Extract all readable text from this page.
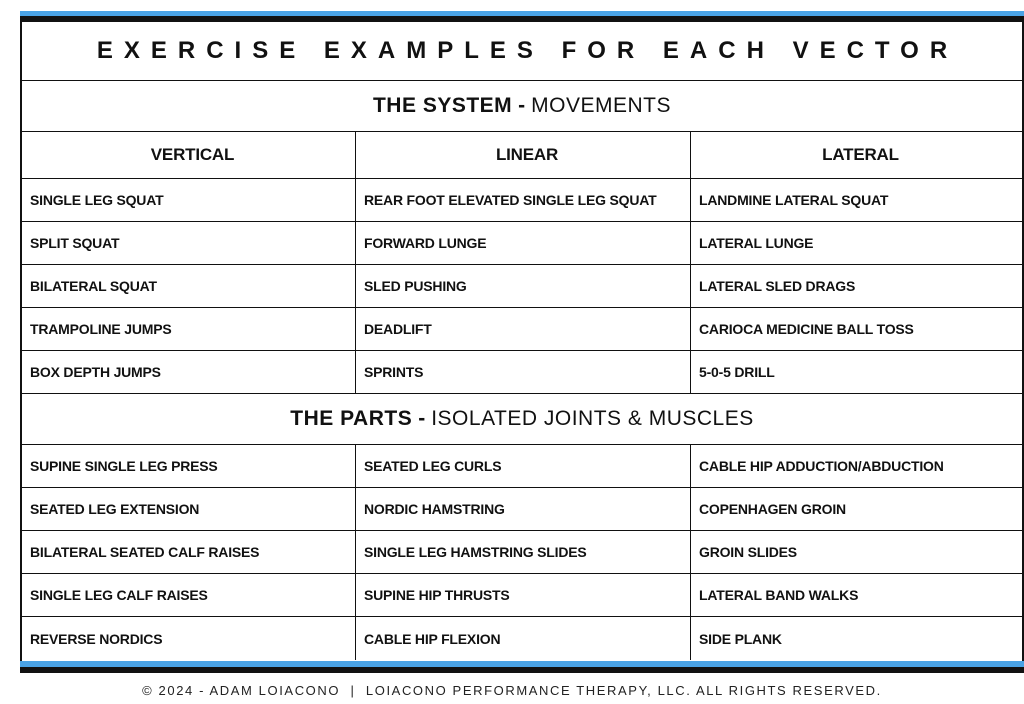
EXERCISE EXAMPLES FOR EACH VECTOR
THE SYSTEM - MOVEMENTS
VERTICAL	LINEAR	LATERAL
SINGLE LEG SQUAT	REAR FOOT ELEVATED SINGLE LEG SQUAT	LANDMINE LATERAL SQUAT
SPLIT SQUAT	FORWARD LUNGE	LATERAL LUNGE
BILATERAL SQUAT	SLED PUSHING	LATERAL SLED DRAGS
TRAMPOLINE JUMPS	DEADLIFT	CARIOCA MEDICINE BALL TOSS
BOX DEPTH JUMPS	SPRINTS	5-0-5 DRILL
THE PARTS - ISOLATED JOINTS & MUSCLES
SUPINE SINGLE LEG PRESS	SEATED LEG CURLS	CABLE HIP ADDUCTION/ABDUCTION
SEATED LEG EXTENSION	NORDIC HAMSTRING	COPENHAGEN GROIN
BILATERAL SEATED CALF RAISES	SINGLE LEG HAMSTRING SLIDES	GROIN SLIDES
SINGLE LEG CALF RAISES	SUPINE HIP THRUSTS	LATERAL BAND WALKS
REVERSE NORDICS	CABLE HIP FLEXION	SIDE PLANK
© 2024 - ADAM LOIACONO  |  LOIACONO PERFORMANCE THERAPY, LLC. ALL RIGHTS RESERVED.
